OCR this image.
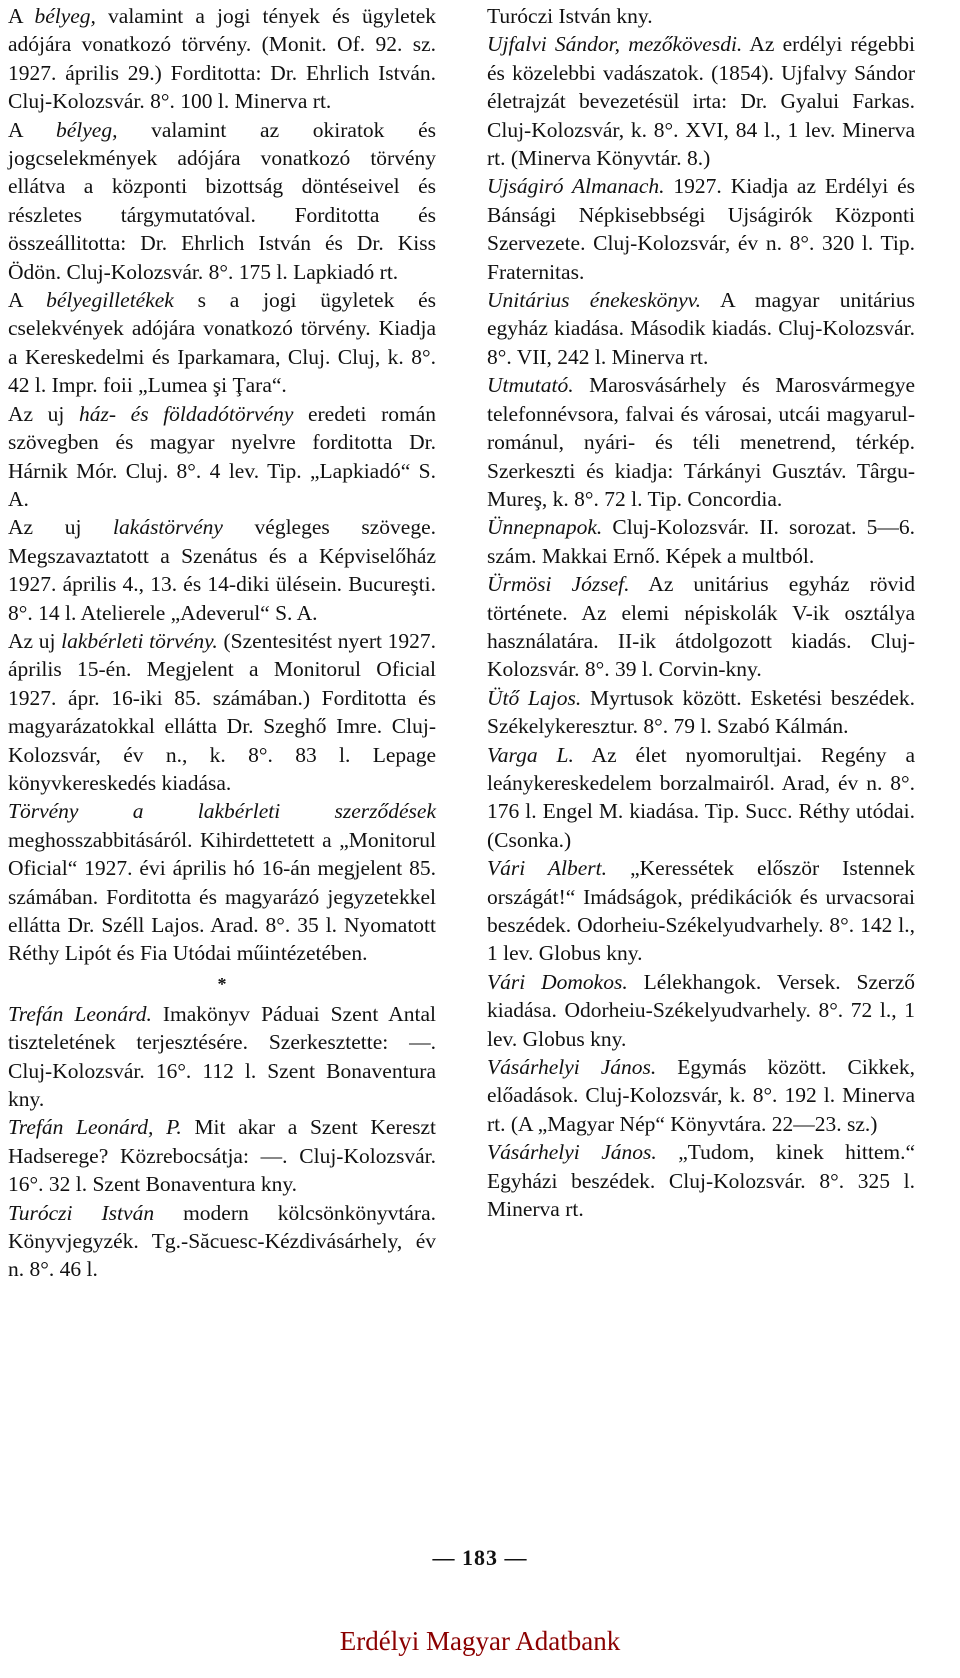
A bélyeg, valamint a jogi tények és ügyletek adójára vonatkozó törvény. (Monit. Of. 92. sz. 1927. április 29.) Forditotta: Dr. Ehrlich István. Cluj-Kolozsvár. 8°. 100 l. Minerva rt.

A bélyeg, valamint az okiratok és jogcselekmények adójára vonatkozó törvény ellátva a központi bizottság döntéseivel és részletes tárgymutatóval. Forditotta és összeállitotta: Dr. Ehrlich István és Dr. Kiss Ödön. Cluj-Kolozsvár. 8°. 175 l. Lapkiadó rt.

A bélyegilletékek s a jogi ügyletek és cselekvények adójára vonatkozó törvény. Kiadja a Kereskedelmi és Iparkamara, Cluj. Cluj, k. 8°. 42 l. Impr. foii „Lumea şi Ţara“.

Az uj ház- és földadótörvény eredeti román szövegben és magyar nyelvre forditotta Dr. Hárnik Mór. Cluj. 8°. 4 lev. Tip. „Lapkiadó“ S. A.

Az uj lakástörvény végleges szövege. Megszavaztatott a Szenátus és a Képviselőház 1927. április 4., 13. és 14-diki ülésein. Bucureşti. 8°. 14 l. Atelierele „Adeverul“ S. A.

Az uj lakbérleti törvény. (Szentesitést nyert 1927. április 15-én. Megjelent a Monitorul Oficial 1927. ápr. 16-iki 85. számában.) Forditotta és magyarázatokkal ellátta Dr. Szeghő Imre. Cluj-Kolozsvár, év n., k. 8°. 83 l. Lepage könyvkereskedés kiadása.

Törvény a lakbérleti szerződések meghosszabbitásáról. Kihirdettetett a „Monitorul Oficial“ 1927. évi április hó 16-án megjelent 85. számában. Forditotta és magyarázó jegyzetekkel ellátta Dr. Széll Lajos. Arad. 8°. 35 l. Nyomatott Réthy Lipót és Fia Utódai műintézetében.

*

Trefán Leonárd. Imakönyv Páduai Szent Antal tiszteletének terjesztésére. Szerkesztette: —. Cluj-Kolozsvár. 16°. 112 l. Szent Bonaventura kny.

Trefán Leonárd, P. Mit akar a Szent Kereszt Hadserege? Közrebocsátja: —. Cluj-Kolozsvár. 16°. 32 l. Szent Bonaventura kny.

Turóczi István modern kölcsönkönyvtára. Könyvjegyzék. Tg.-Săcuesc-Kézdivásárhely, év n. 8°. 46 l.

Turóczi István kny.

Ujfalvi Sándor, mezőkövesdi. Az erdélyi régebbi és közelebbi vadászatok. (1854). Ujfalvy Sándor életrajzát bevezetésül irta: Dr. Gyalui Farkas. Cluj-Kolozsvár, k. 8°. XVI, 84 l., 1 lev. Minerva rt. (Minerva Könyvtár. 8.)

Ujságiró Almanach. 1927. Kiadja az Erdélyi és Bánsági Népkisebbségi Ujságirók Központi Szervezete. Cluj-Kolozsvár, év n. 8°. 320 l. Tip. Fraternitas.

Unitárius énekeskönyv. A magyar unitárius egyház kiadása. Második kiadás. Cluj-Kolozsvár. 8°. VII, 242 l. Minerva rt.

Utmutató. Marosvásárhely és Marosvármegye telefonnévsora, falvai és városai, utcái magyarul-románul, nyári- és téli menetrend, térkép. Szerkeszti és kiadja: Tárkányi Gusztáv. Târgu-Mureş, k. 8°. 72 l. Tip. Concordia.

Ünnepnapok. Cluj-Kolozsvár. II. sorozat. 5—6. szám. Makkai Ernő. Képek a multból.

Ürmösi József. Az unitárius egyház rövid története. Az elemi népiskolák V-ik osztálya használatára. II-ik átdolgozott kiadás. Cluj-Kolozsvár. 8°. 39 l. Corvin-kny.

Ütő Lajos. Myrtusok között. Esketési beszédek. Székelykeresztur. 8°. 79 l. Szabó Kálmán.

Varga L. Az élet nyomorultjai. Regény a leánykereskedelem borzalmairól. Arad, év n. 8°. 176 l. Engel M. kiadása. Tip. Succ. Réthy utódai. (Csonka.)

Vári Albert. „Keressétek először Istennek országát!“ Imádságok, prédikációk és urvacsorai beszédek. Odorheiu-Székelyudvarhely. 8°. 142 l., 1 lev. Globus kny.

Vári Domokos. Lélekhangok. Versek. Szerző kiadása. Odorheiu-Székelyudvarhely. 8°. 72 l., 1 lev. Globus kny.

Vásárhelyi János. Egymás között. Cikkek, előadások. Cluj-Kolozsvár, k. 8°. 192 l. Minerva rt. (A „Magyar Nép“ Könyvtára. 22—23. sz.)

Vásárhelyi János. „Tudom, kinek hittem.“ Egyházi beszédek. Cluj-Kolozsvár. 8°. 325 l. Minerva rt.

— 183 —
Erdélyi Magyar Adatbank
